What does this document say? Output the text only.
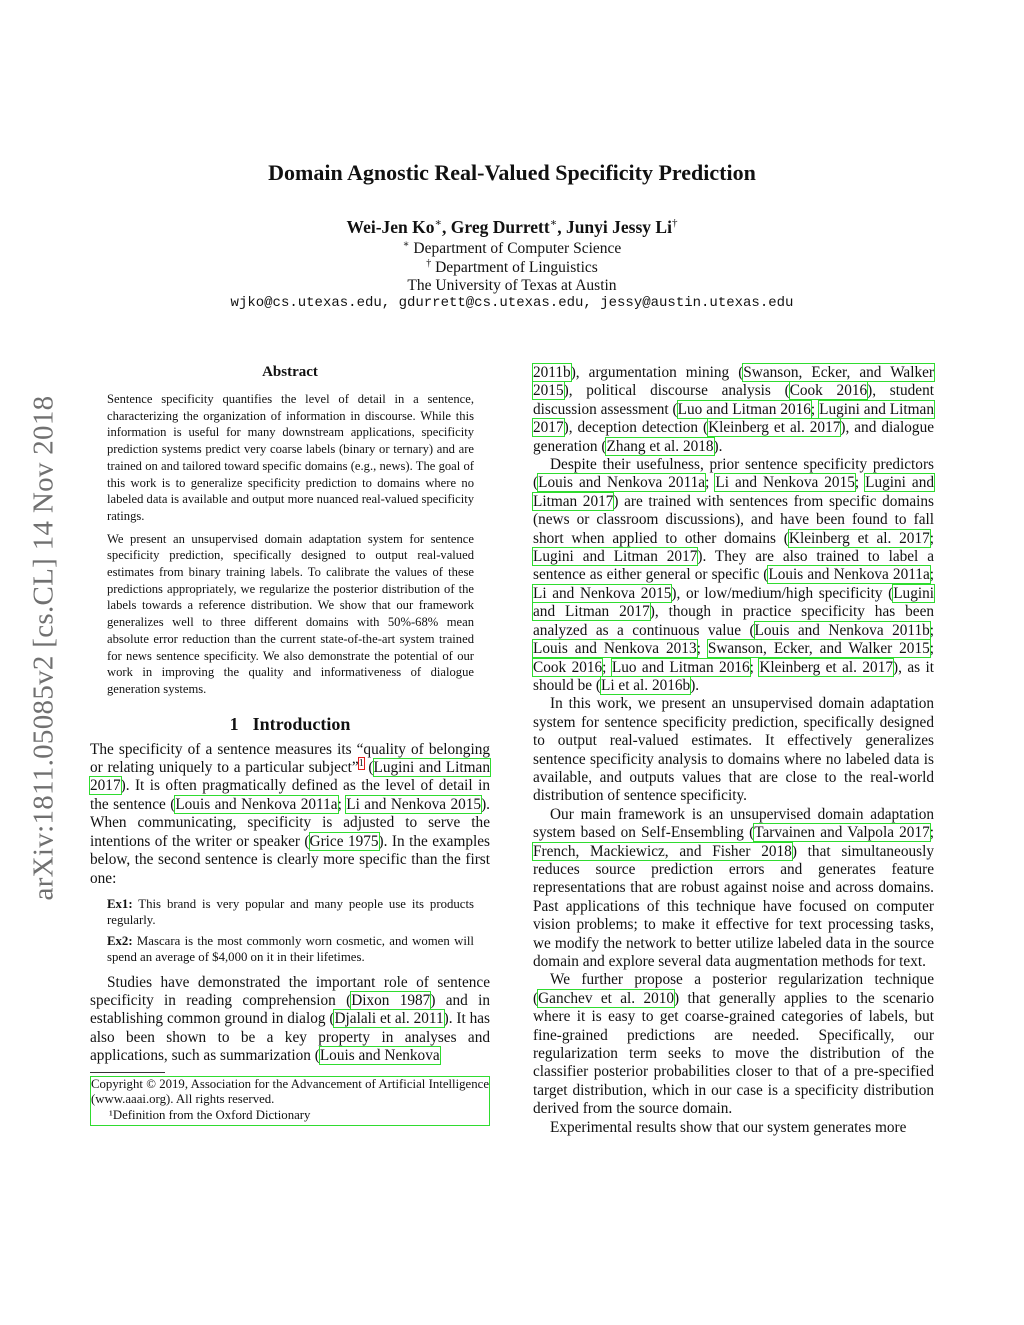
arXiv:1811.05085v2 [cs.CL] 14 Nov 2018
Domain Agnostic Real-Valued Specificity Prediction
Wei-Jen Ko∗, Greg Durrett∗, Junyi Jessy Li†
∗ Department of Computer Science
† Department of Linguistics
The University of Texas at Austin
wjko@cs.utexas.edu, gdurrett@cs.utexas.edu, jessy@austin.utexas.edu
Abstract

Sentence specificity quantifies the level of detail in a sentence, characterizing the organization of information in discourse. While this information is useful for many downstream applications, specificity prediction systems predict very coarse labels (binary or ternary) and are trained on and tailored toward specific domains (e.g., news). The goal of this work is to generalize specificity prediction to domains where no labeled data is available and output more nuanced real-valued specificity ratings.

We present an unsupervised domain adaptation system for sentence specificity prediction, specifically designed to output real-valued estimates from binary training labels. To calibrate the values of these predictions appropriately, we regularize the posterior distribution of the labels towards a reference distribution. We show that our framework generalizes well to three different domains with 50%-68% mean absolute error reduction than the current state-of-the-art system trained for news sentence specificity. We also demonstrate the potential of our work in improving the quality and informativeness of dialogue generation systems.

1 Introduction

The specificity of a sentence measures its “quality of belonging or relating uniquely to a particular subject”$^1$ (Lugini and Litman 2017). It is often pragmatically defined as the level of detail in the sentence (Louis and Nenkova 2011a; Li and Nenkova 2015). When communicating, specificity is adjusted to serve the intentions of the writer or speaker (Grice 1975). In the examples below, the second sentence is clearly more specific than the first one:

Ex1: This brand is very popular and many people use its products regularly.

Ex2: Mascara is the most commonly worn cosmetic, and women will spend an average of $4,000 on it in their lifetimes.

Studies have demonstrated the important role of sentence specificity in reading comprehension (Dixon 1987) and in establishing common ground in dialog (Djalali et al. 2011). It has also been shown to be a key property in analyses and applications, such as summarization (Louis and Nenkova

Copyright © 2019, Association for the Advancement of Artificial Intelligence (www.aaai.org). All rights reserved.
¹Definition from the Oxford Dictionary

2011b), argumentation mining (Swanson, Ecker, and Walker 2015), political discourse analysis (Cook 2016), student discussion assessment (Luo and Litman 2016; Lugini and Litman 2017), deception detection (Kleinberg et al. 2017), and dialogue generation (Zhang et al. 2018).

Despite their usefulness, prior sentence specificity predictors (Louis and Nenkova 2011a; Li and Nenkova 2015; Lugini and Litman 2017) are trained with sentences from specific domains (news or classroom discussions), and have been found to fall short when applied to other domains (Kleinberg et al. 2017; Lugini and Litman 2017). They are also trained to label a sentence as either general or specific (Louis and Nenkova 2011a; Li and Nenkova 2015), or low/medium/high specificity (Lugini and Litman 2017), though in practice specificity has been analyzed as a continuous value (Louis and Nenkova 2011b; Louis and Nenkova 2013; Swanson, Ecker, and Walker 2015; Cook 2016; Luo and Litman 2016; Kleinberg et al. 2017), as it should be (Li et al. 2016b).

In this work, we present an unsupervised domain adaptation system for sentence specificity prediction, specifically designed to output real-valued estimates. It effectively generalizes sentence specificity analysis to domains where no labeled data is available, and outputs values that are close to the real-world distribution of sentence specificity.

Our main framework is an unsupervised domain adaptation system based on Self-Ensembling (Tarvainen and Valpola 2017; French, Mackiewicz, and Fisher 2018) that simultaneously reduces source prediction errors and generates feature representations that are robust against noise and across domains. Past applications of this technique have focused on computer vision problems; to make it effective for text processing tasks, we modify the network to better utilize labeled data in the source domain and explore several data augmentation methods for text.

We further propose a posterior regularization technique (Ganchev et al. 2010) that generally applies to the scenario where it is easy to get coarse-grained categories of labels, but fine-grained predictions are needed. Specifically, our regularization term seeks to move the distribution of the classifier posterior probabilities closer to that of a pre-specified target distribution, which in our case is a specificity distribution derived from the source domain.

Experimental results show that our system generates more
